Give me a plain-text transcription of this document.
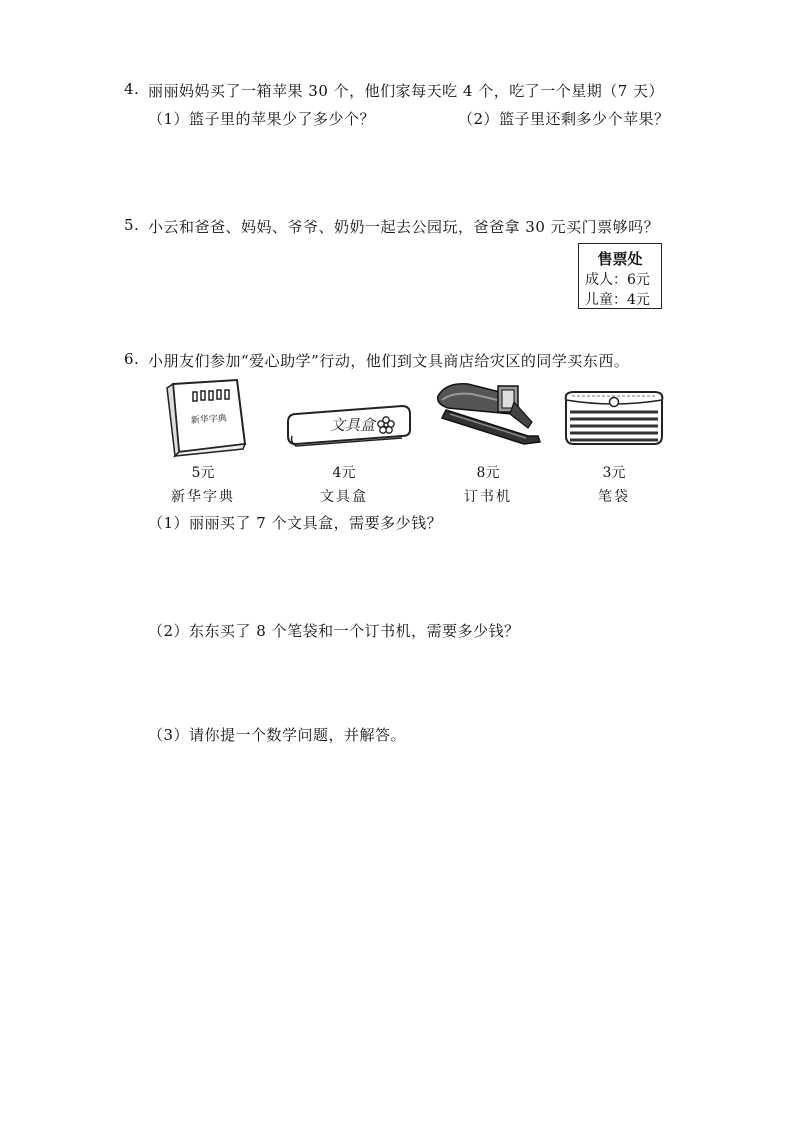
4. 丽丽妈妈买了一箱苹果 30 个，他们家每天吃 4 个，吃了一个星期（7 天）
（1）篮子里的苹果少了多少个？	（2）篮子里还剩多少个苹果？
5. 小云和爸爸、妈妈、爷爷、奶奶一起去公园玩，爸爸拿 30 元买门票够吗？
售票处
成人：6元
儿童：4元
6. 小朋友们参加“爱心助学”行动，他们到文具商店给灾区的同学买东西。
新华字典
5元
新华字典
文具盒
4元
文具盒
8元
订书机
3元
笔袋
（1）丽丽买了 7 个文具盒，需要多少钱？
（2）东东买了 8 个笔袋和一个订书机，需要多少钱？
（3）请你提一个数学问题，并解答。
